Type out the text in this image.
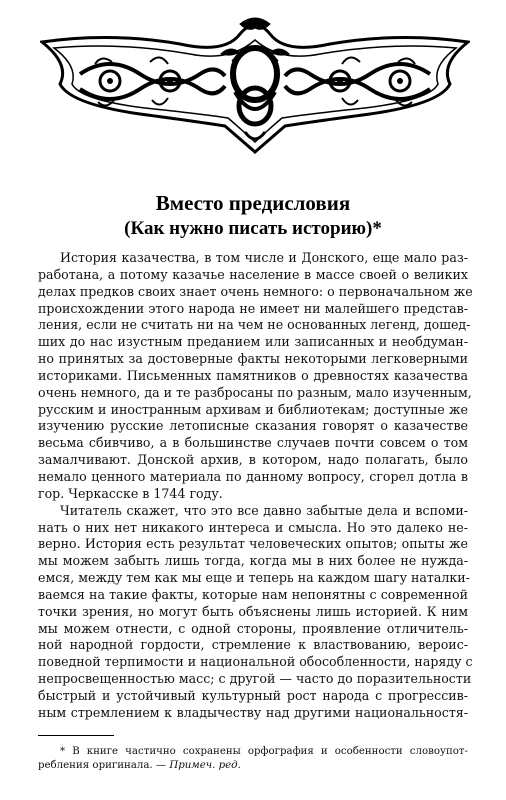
Вместо предисловия
(Как нужно писать историю)*
История казачества, в том числе и Донского, еще мало раз-
работана, а потому казачье население в массе своей о великих
делах предков своих знает очень немного: о первоначальном же
происхождении этого народа не имеет ни малейшего представ-
ления, если не считать ни на чем не основанных легенд, дошед-
ших до нас изустным преданием или записанных и необдуман-
но принятых за достоверные факты некоторыми легковерными
историками. Письменных памятников о древностях казачества
очень немного, да и те разбросаны по разным, мало изученным,
русским и иностранным архивам и библиотекам; доступные же
изучению русские летописные сказания говорят о казачестве
весьма сбивчиво, а в большинстве случаев почти совсем о том
замалчивают. Донской архив, в котором, надо полагать, было
немало ценного материала по данному вопросу, сгорел дотла в
гор. Черкасске в 1744 году.
Читатель скажет, что это все давно забытые дела и вспоми-
нать о них нет никакого интереса и смысла. Но это далеко не-
верно. История есть результат человеческих опытов; опыты же
мы можем забыть лишь тогда, когда мы в них более не нужда-
емся, между тем как мы еще и теперь на каждом шагу наталки-
ваемся на такие факты, которые нам непонятны с современной
точки зрения, но могут быть объяснены лишь историей. К ним
мы можем отнести, с одной стороны, проявление отличитель-
ной народной гордости, стремление к властвованию, вероис-
поведной терпимости и национальной обособленности, наряду с
непросвещенностью масс; с другой — часто до поразительности
быстрый и устойчивый культурный рост народа с прогрессив-
ным стремлением к владычеству над другими национальностя-
* В книге частично сохранены орфография и особенности словоупот-
ребления оригинала. — Примеч. ред.
